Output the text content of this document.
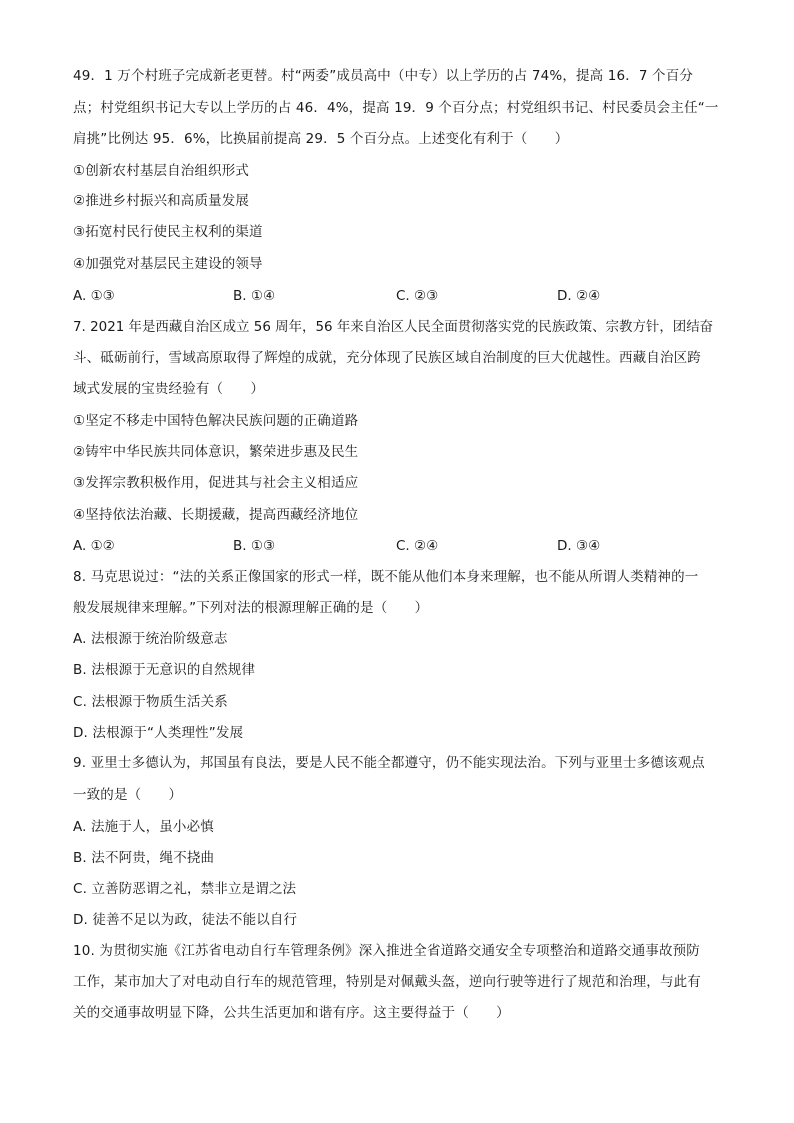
49．1 万个村班子完成新老更替。村“两委”成员高中（中专）以上学历的占 74%，提高 16．7 个百分
点；村党组织书记大专以上学历的占 46．4%，提高 19．9 个百分点；村党组织书记、村民委员会主任“一
肩挑”比例达 95．6%，比换届前提高 29．5 个百分点。上述变化有利于（　　）
①创新农村基层自治组织形式
②推进乡村振兴和高质量发展
③拓宽村民行使民主权利的渠道
④加强党对基层民主建设的领导
A. ①③	B. ①④	C. ②③	D. ②④
7. 2021 年是西藏自治区成立 56 周年，56 年来自治区人民全面贯彻落实党的民族政策、宗教方针，团结奋
斗、砥砺前行，雪域高原取得了辉煌的成就，充分体现了民族区域自治制度的巨大优越性。西藏自治区跨
域式发展的宝贵经验有（　　）
①坚定不移走中国特色解决民族问题的正确道路
②铸牢中华民族共同体意识，繁荣进步惠及民生
③发挥宗教积极作用，促进其与社会主义相适应
④坚持依法治藏、长期援藏，提高西藏经济地位
A. ①②	B. ①③	C. ②④	D. ③④
8. 马克思说过：“法的关系正像国家的形式一样，既不能从他们本身来理解，也不能从所谓人类精神的一
般发展规律来理解。”下列对法的根源理解正确的是（　　）
A. 法根源于统治阶级意志
B. 法根源于无意识的自然规律
C. 法根源于物质生活关系
D. 法根源于“人类理性”发展
9. 亚里士多德认为，邦国虽有良法，要是人民不能全都遵守，仍不能实现法治。下列与亚里士多德该观点
一致的是（　　）
A. 法施于人，虽小必慎
B. 法不阿贵，绳不挠曲
C. 立善防恶谓之礼，禁非立是谓之法
D. 徒善不足以为政，徒法不能以自行
10. 为贯彻实施《江苏省电动自行车管理条例》深入推进全省道路交通安全专项整治和道路交通事故预防
工作，某市加大了对电动自行车的规范管理，特别是对佩戴头盔，逆向行驶等进行了规范和治理，与此有
关的交通事故明显下降，公共生活更加和谐有序。这主要得益于（　　）
